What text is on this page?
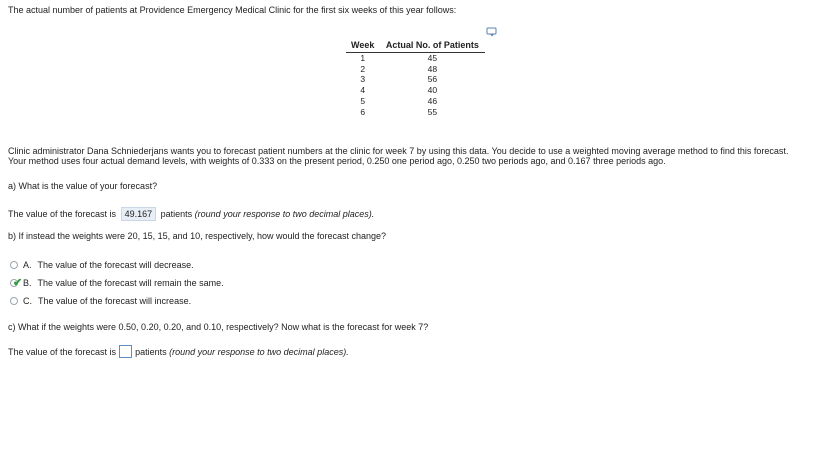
The actual number of patients at Providence Emergency Medical Clinic for the first six weeks of this year follows:
Week	Actual No. of Patients
1	45
2	48
3	56
4	40
5	46
6	55
Clinic administrator Dana Schniederjans wants you to forecast patient numbers at the clinic for week 7 by using this data. You decide to use a weighted moving average method to find this forecast. Your method uses four actual demand levels, with weights of 0.333 on the present period, 0.250 one period ago, 0.250 two periods ago, and 0.167 three periods ago.
a) What is the value of your forecast?
The value of the forecast is 49.167 patients (round your response to two decimal places).
b) If instead the weights were 20, 15, 15, and 10, respectively, how would the forecast change?
A. The value of the forecast will decrease.
✔ B. The value of the forecast will remain the same.
C. The value of the forecast will increase.
c) What if the weights were 0.50, 0.20, 0.20, and 0.10, respectively? Now what is the forecast for week 7?
The value of the forecast is patients
(round your response to two decimal places).
